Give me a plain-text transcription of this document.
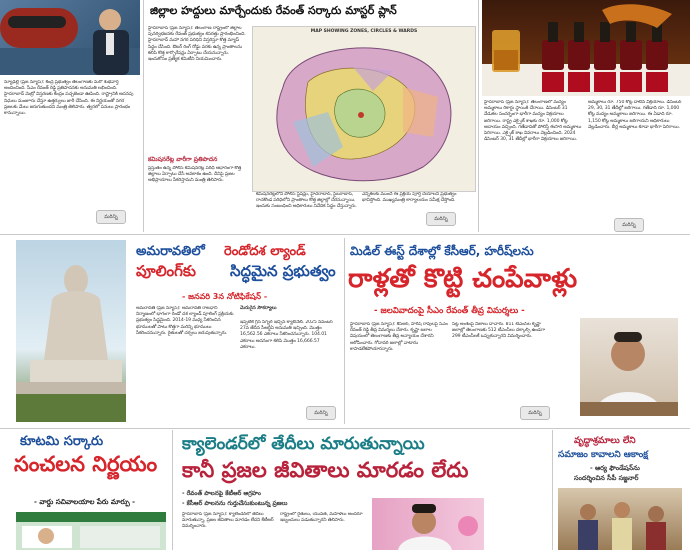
న్యూఢిల్లీ (ప్రజ న్యూస్): కేంద్ర ప్రభుత్వం తెలంగాణకు మరో శుభవార్త అందించింది. సీఎం రేవంత్ రెడ్డి ప్రతిపాదనకు అనుమతి లభించింది. హైదరాబాద్ మెట్రో విస్తరణకు కేంద్రం పచ్చజెండా ఊపింది. రాష్ట్రానికి అదనపు నిధులు మంజూరు చేస్తూ ఉత్తర్వులు జారీ చేసింది. ఈ నిర్ణయంతో నగర ప్రజలకు మేలు జరుగుతుందని మంత్రి తెలిపారు. త్వరలో పనులు ప్రారంభం కానున్నాయి.
మరిన్ని
జిల్లాల హద్దులు మార్చేందుకు రేవంత్ సర్కారు మాస్టర్ ప్లాన్
హైదరాబాద్ (ప్రజ న్యూస్): తెలంగాణ రాష్ట్రంలో జిల్లాల పునర్విభజనకు రేవంత్ ప్రభుత్వం కసరత్తు ప్రారంభించింది. హైదరాబాద్ మహా నగర పరిధిని విస్తరిస్తూ కొత్త మ్యాప్ సిద్ధం చేసింది. ఔటర్ రింగ్ రోడ్డు వరకు ఉన్న ప్రాంతాలను కలిపి కొత్త కార్పొరేషన్లు ఏర్పాటు చేయనున్నారు. ఇందుకోసం ప్రత్యేక కమిటీని నియమించారు.
కమిషనరేట్ల వారీగా ప్రతిపాదన
ప్రస్తుతం ఉన్న పోలీస్ కమిషనరేట్ల పరిధి ఆధారంగా కొత్త జిల్లాలు ఏర్పాటు చేసే అవకాశం ఉంది. దీనిపై ప్రజల అభిప్రాయాలు సేకరిస్తామని మంత్రి తెలిపారు.
MAP SHOWING ZONES, CIRCLES & WARDS
కమిషనరేట్లలోని పోలీస్ స్టేషన్లు, హైదరాబాద్, సైబరాబాద్, రాచకొండ పరిధిలోని ప్రాంతాలు కొత్త జిల్లాల్లో చేరనున్నాయి. ఇందుకు సంబంధించి అధికారులు నివేదిక సిద్ధం చేస్తున్నారు.
ఎన్నికలకు ముందే ఈ ప్రక్రియ పూర్తి చేయాలని ప్రభుత్వం భావిస్తోంది. ముఖ్యమంత్రి కార్యాలయం సమీక్ష చేస్తోంది.
మరిన్ని
హైదరాబాద్ (ప్రజ న్యూస్): తెలంగాణలో మద్యం అమ్మకాలు రికార్డు స్థాయికి చేరాయి. డిసెంబర్ 31 వేడుకల సందర్భంగా భారీగా మద్యం విక్రయాలు జరిగాయి. రాష్ట్ర ఎక్సైజ్ శాఖకు రూ. 1,000 కోట్ల ఆదాయం వచ్చింది. గతేడాదితో పోలిస్తే ఈసారి అమ్మకాలు పెరిగాయి. ఎక్సైజ్ శాఖ వివరాలు వెల్లడించింది. 2024 డిసెంబర్ 30, 31 తేదీల్లో భారీగా విక్రయాలు జరిగాయి.
ఆమ్మకాలు రూ. 750 కోట్ల దాటిన విక్రయాలు. డిసెంబర్ 29, 30, 31 తేదీల్లో జరిగాయి. గతేడాది రూ. 1,000 కోట్ల మద్యం అమ్మకాలు జరిగాయి. ఈ ఏడాది రూ. 1,150 కోట్ల అమ్మకాలు జరిగాయని అధికారులు వెల్లడించారు. బీర్ల అమ్మకాలు కూడా భారీగా పెరిగాయి.
మరిన్ని
అమరావతిలో రెండోదశ ల్యాండ్
పూలింగ్‌కు సిద్ధమైన ప్రభుత్వం
- జనవరి 3న నోటిఫికేషన్ -
అమరావతి (ప్రజ న్యూస్): అమరావతి రాజధాని నిర్మాణంలో భాగంగా రెండో దశ ల్యాండ్ పూలింగ్ ప్రక్రియకు ప్రభుత్వం సిద్ధమైంది. 2014-19 మధ్య సేకరించిన భూములతో పాటు కొత్తగా మరిన్ని భూములు సేకరించనున్నారు. రైతులతో చర్చలు జరుపుతున్నారు.
మెరుగైన సౌకర్యాలు
ఇప్పటికే గ్రీన్ సిగ్నల్ ఇచ్చిన క్యాబినెట్. 2025 నవంబర్ 27వ తేదీన సీఆర్డీఏ అనుమతి ఇచ్చింది. మొత్తం 16,562.56 ఎకరాలు సేకరించనున్నారు. 104.01 ఎకరాలు అదనంగా కలిపి మొత్తం 16,666.57 ఎకరాలు.
మరిన్ని
మిడిల్ ఈస్ట్ దేశాల్లో కేసీఆర్, హరీష్‌లను
రాళ్లతో కొట్టి చంపేవాళ్లు
- జలవివాదంపై సీఎం రేవంత్ తీవ్ర విమర్శలు -
హైదరాబాద్ (ప్రజ న్యూస్): కేసీఆర్, హరీష్ రావులపై సీఎం రేవంత్ రెడ్డి తీవ్ర విమర్శలు చేశారు. కృష్ణా జలాల విషయంలో తెలంగాణకు తీవ్ర అన్యాయం చేశారని ఆరోపించారు. గోదావరి జలాల్లో వాటాను కాపాడలేకపోయారన్నారు.
సీట్ల అంశంపై నిజాలు దాచారు. 811 టీఎంసీల కృష్ణా జలాల్లో తెలంగాణకు 512 టీఎంసీలు దక్కాల్సి ఉండగా 299 టీఎంసీలకే ఒప్పుకున్నారని విమర్శించారు.
మరిన్ని
కూటమి సర్కారు
సంచలన నిర్ణయం
- వార్డు సచివాలయాల పేరు మార్పు -
క్యాలెండర్‌లో తేదీలు మారుతున్నాయి
కానీ ప్రజల జీవితాలు మారడం లేదు
- రేవంత్ పాలనపై కేటీఆర్ ఆగ్రహం
- కేసీఆర్ పాలనను గుర్తుచేసుకుంటున్న ప్రజలు
హైదరాబాద్ (ప్రజ న్యూస్): క్యాలెండర్‌లో తేదీలు మారుతున్నా, ప్రజల జీవితాలు మారడం లేదని కేటీఆర్ విమర్శించారు.
రాష్ట్రంలో రైతులు, యువత, మహిళలు అందరూ ఇబ్బందులు పడుతున్నారని తెలిపారు.
వృద్ధాశ్రమాలు లేని
సమాజం కావాలని ఆకాంక్ష
- ఆర్య ఫౌండేషన్‌ను
సందర్శించిన సీపీ సజ్జనార్
